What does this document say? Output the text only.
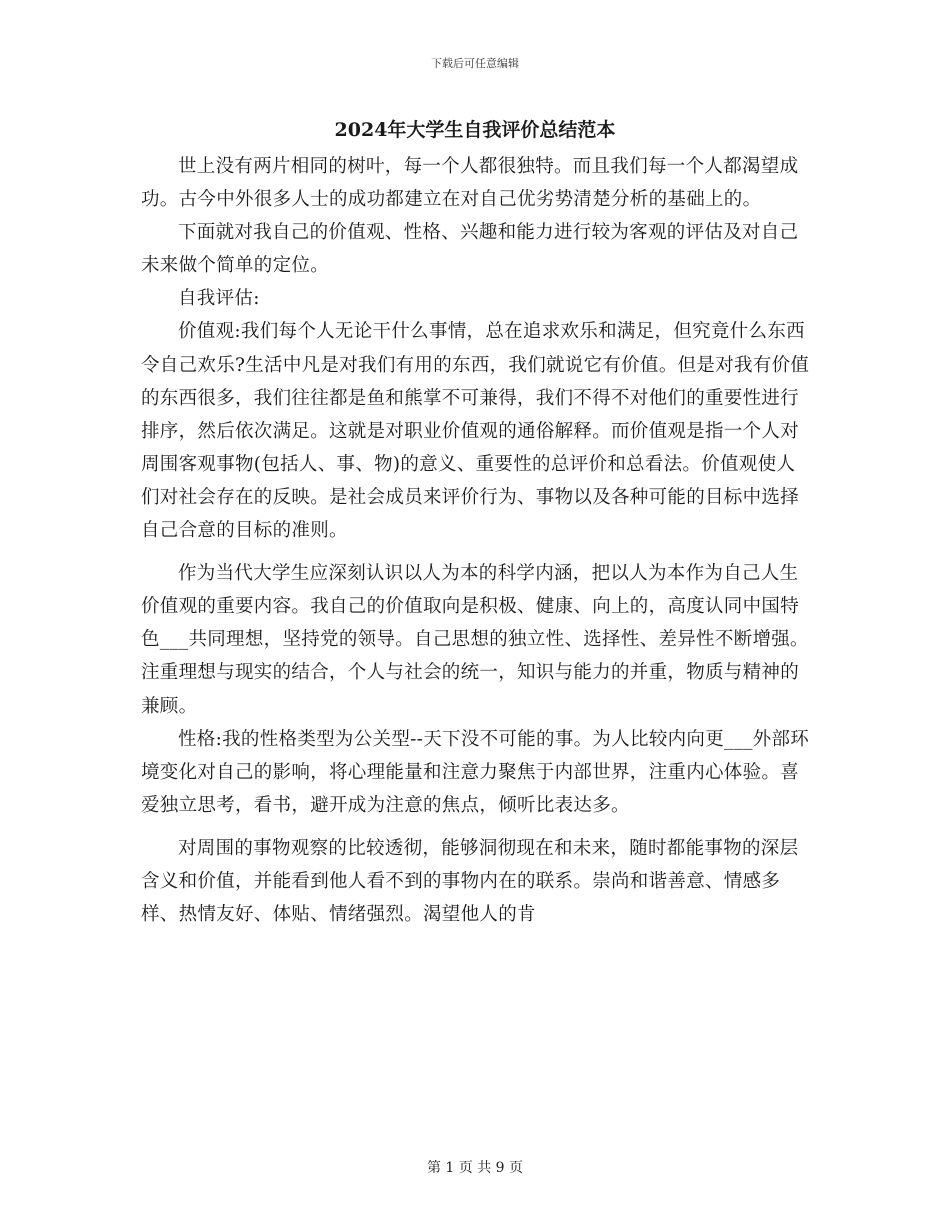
下载后可任意编辑
2024年大学生自我评价总结范本

世上没有两片相同的树叶，每一个人都很独特。而且我们每一个人都渴望成功。古今中外很多人士的成功都建立在对自己优劣势清楚分析的基础上的。

下面就对我自己的价值观、性格、兴趣和能力进行较为客观的评估及对自己未来做个简单的定位。

自我评估:

价值观:我们每个人无论干什么事情，总在追求欢乐和满足，但究竟什么东西令自己欢乐?生活中凡是对我们有用的东西，我们就说它有价值。但是对我有价值的东西很多，我们往往都是鱼和熊掌不可兼得，我们不得不对他们的重要性进行排序，然后依次满足。这就是对职业价值观的通俗解释。而价值观是指一个人对周围客观事物(包括人、事、物)的意义、重要性的总评价和总看法。价值观使人们对社会存在的反映。是社会成员来评价行为、事物以及各种可能的目标中选择自己合意的目标的准则。

作为当代大学生应深刻认识以人为本的科学内涵，把以人为本作为自己人生价值观的重要内容。我自己的价值取向是积极、健康、向上的，高度认同中国特色___共同理想，坚持党的领导。自己思想的独立性、选择性、差异性不断增强。注重理想与现实的结合，个人与社会的统一，知识与能力的并重，物质与精神的兼顾。

性格:我的性格类型为公关型--天下没不可能的事。为人比较内向更___外部环境变化对自己的影响，将心理能量和注意力聚焦于内部世界，注重内心体验。喜爱独立思考，看书，避开成为注意的焦点，倾听比表达多。

对周围的事物观察的比较透彻，能够洞彻现在和未来，随时都能事物的深层含义和价值，并能看到他人看不到的事物内在的联系。崇尚和谐善意、情感多样、热情友好、体贴、情绪强烈。渴望他人的肯

第 1 页 共 9 页
